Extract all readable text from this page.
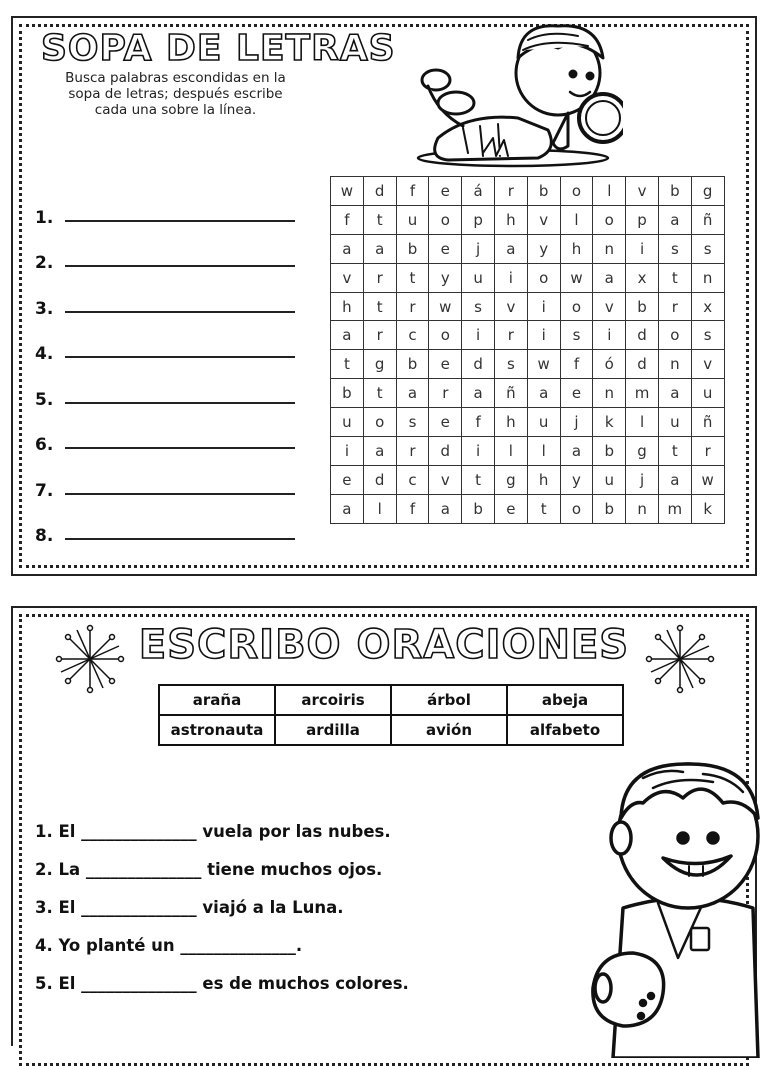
SOPA DE LETRAS
Busca palabras escondidas en la sopa de letras; después escribe cada una sobre la línea.
1.
2.
3.
4.
5.
6.
7.
8.
w	d	f	e	á	r	b	o	l	v	b	g
f	t	u	o	p	h	v	l	o	p	a	ñ
a	a	b	e	j	a	y	h	n	i	s	s
v	r	t	y	u	i	o	w	a	x	t	n
h	t	r	w	s	v	i	o	v	b	r	x
a	r	c	o	i	r	i	s	i	d	o	s
t	g	b	e	d	s	w	f	ó	d	n	v
b	t	a	r	a	ñ	a	e	n	m	a	u
u	o	s	e	f	h	u	j	k	l	u	ñ
i	a	r	d	i	l	l	a	b	g	t	r
e	d	c	v	t	g	h	y	u	j	a	w
a	l	f	a	b	e	t	o	b	n	m	k
ESCRIBO ORACIONES
araña	arcoiris	árbol	abeja
astronauta	ardilla	avión	alfabeto
1. El ______________ vuela por las nubes.
2. La ______________ tiene muchos ojos.
3. El ______________ viajó a la Luna.
4. Yo planté un ______________.
5. El ______________ es de muchos colores.
